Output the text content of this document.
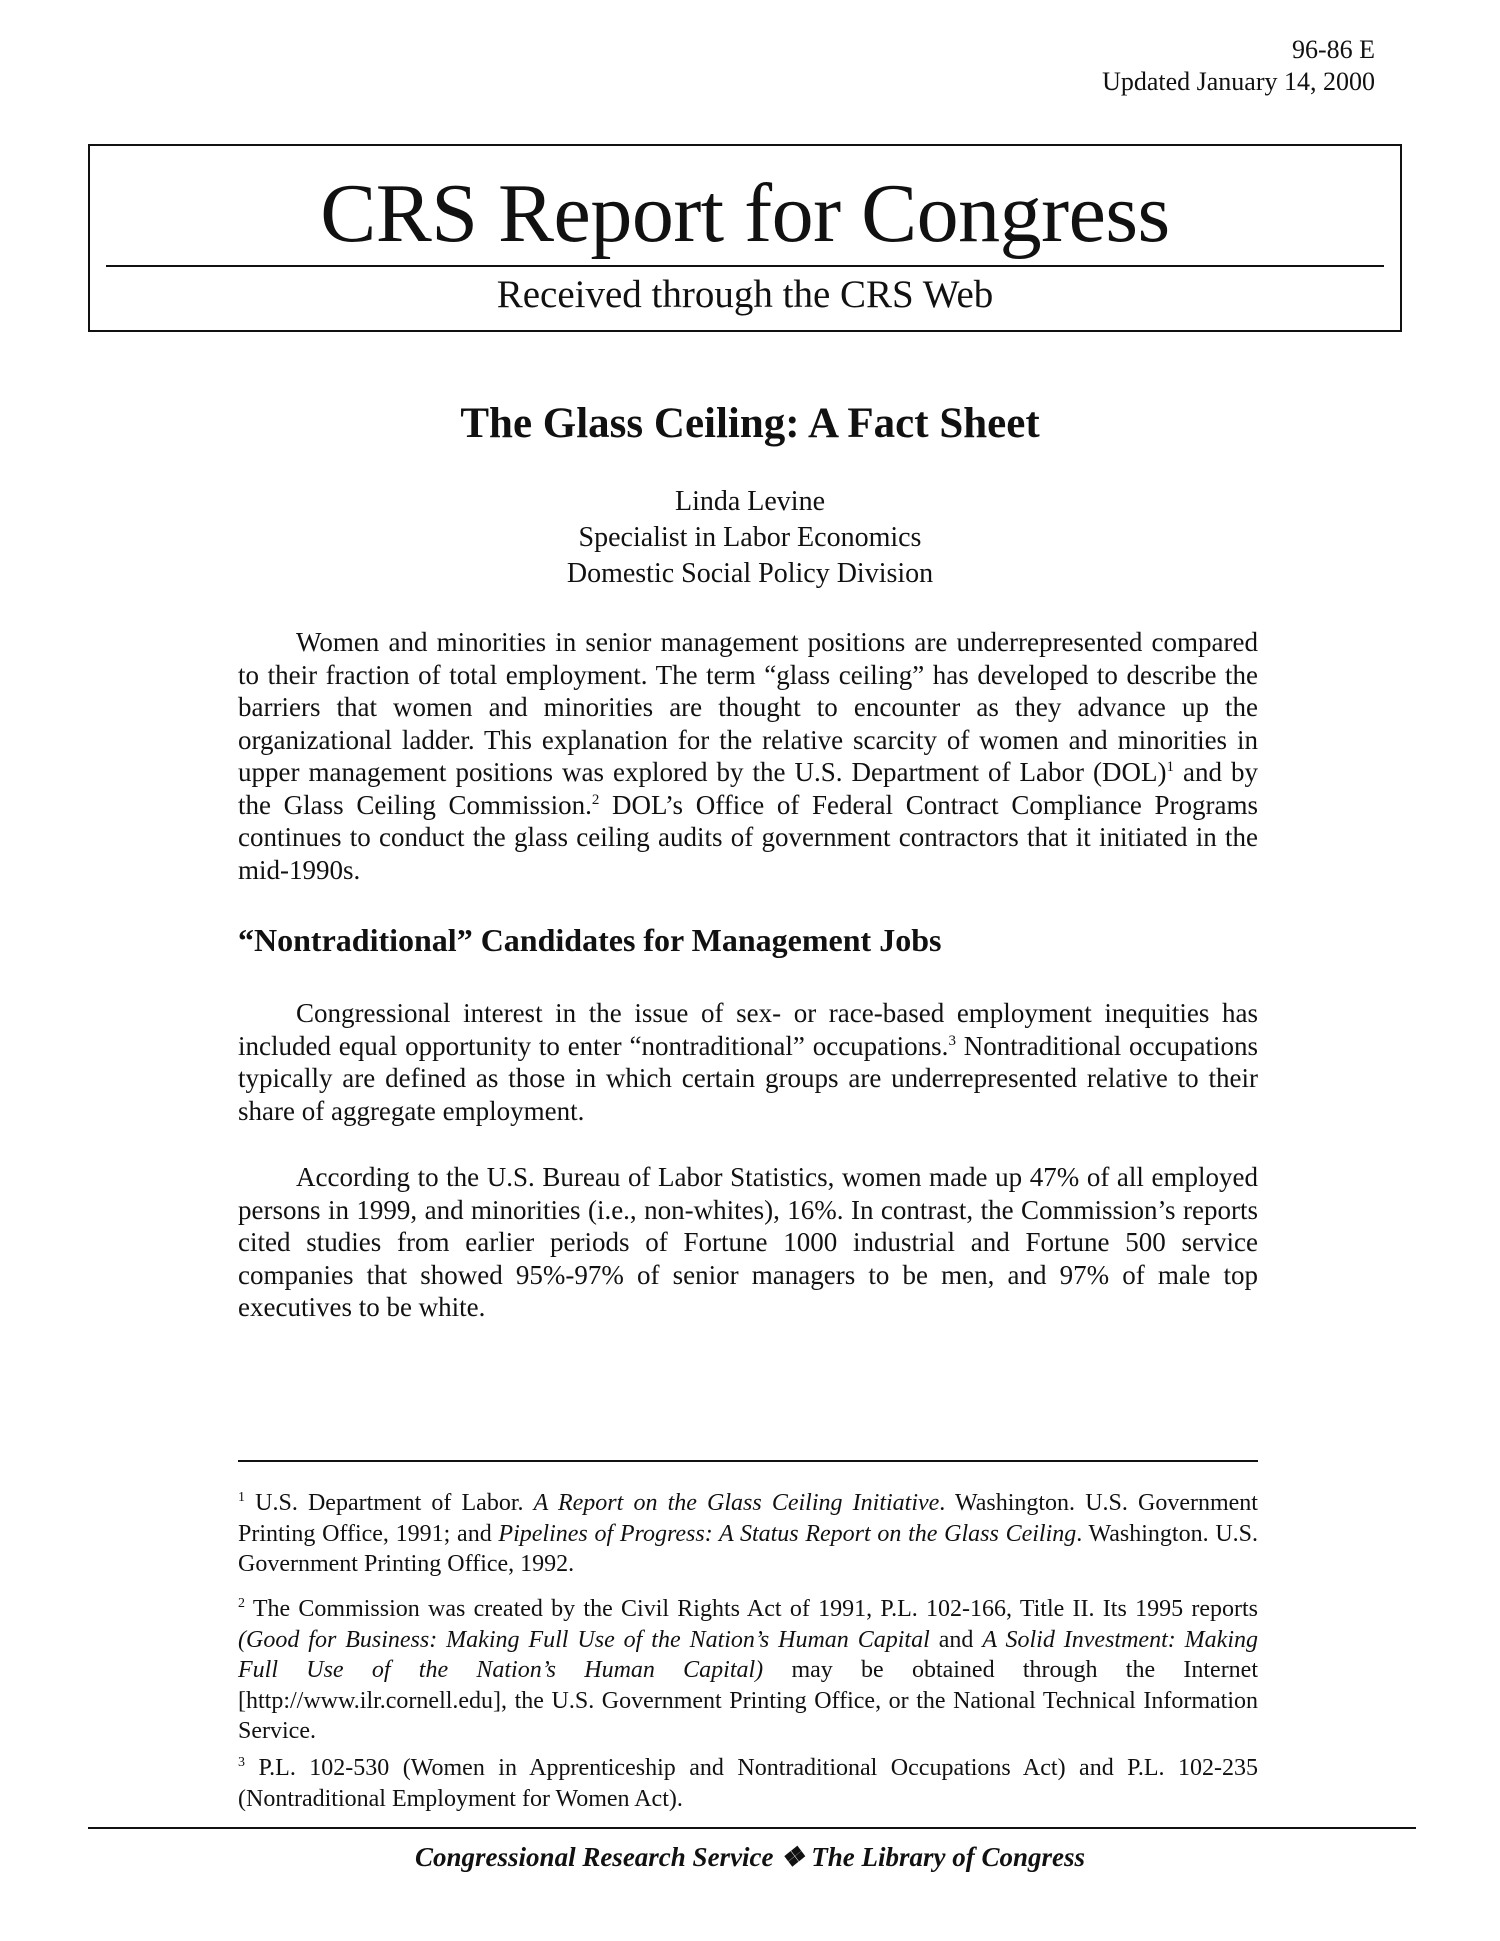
96-86 E
Updated January 14, 2000
CRS Report for Congress
Received through the CRS Web
The Glass Ceiling: A Fact Sheet
Linda Levine
Specialist in Labor Economics
Domestic Social Policy Division
Women and minorities in senior management positions are underrepresented compared to their fraction of total employment. The term “glass ceiling” has developed to describe the barriers that women and minorities are thought to encounter as they advance up the organizational ladder. This explanation for the relative scarcity of women and minorities in upper management positions was explored by the U.S. Department of Labor (DOL)$^1$ and by the Glass Ceiling Commission.$^2$ DOL’s Office of Federal Contract Compliance Programs continues to conduct the glass ceiling audits of government contractors that it initiated in the mid-1990s.
“Nontraditional” Candidates for Management Jobs
Congressional interest in the issue of sex- or race-based employment inequities has included equal opportunity to enter “nontraditional” occupations.$^3$ Nontraditional occupations typically are defined as those in which certain groups are underrepresented relative to their share of aggregate employment.
According to the U.S. Bureau of Labor Statistics, women made up 47% of all employed persons in 1999, and minorities (i.e., non-whites), 16%. In contrast, the Commission’s reports cited studies from earlier periods of Fortune 1000 industrial and Fortune 500 service companies that showed 95%-97% of senior managers to be men, and 97% of male top executives to be white.
$^1$ U.S. Department of Labor. A Report on the Glass Ceiling Initiative. Washington. U.S. Government Printing Office, 1991; and Pipelines of Progress: A Status Report on the Glass Ceiling. Washington. U.S. Government Printing Office, 1992.
$^2$ The Commission was created by the Civil Rights Act of 1991, P.L. 102-166, Title II. Its 1995 reports (Good for Business: Making Full Use of the Nation’s Human Capital and A Solid Investment: Making Full Use of the Nation’s Human Capital) may be obtained through the Internet [http://www.ilr.cornell.edu], the U.S. Government Printing Office, or the National Technical Information Service.
$^3$ P.L. 102-530 (Women in Apprenticeship and Nontraditional Occupations Act) and P.L. 102-235 (Nontraditional Employment for Women Act).
Congressional Research Service ❖ The Library of Congress
